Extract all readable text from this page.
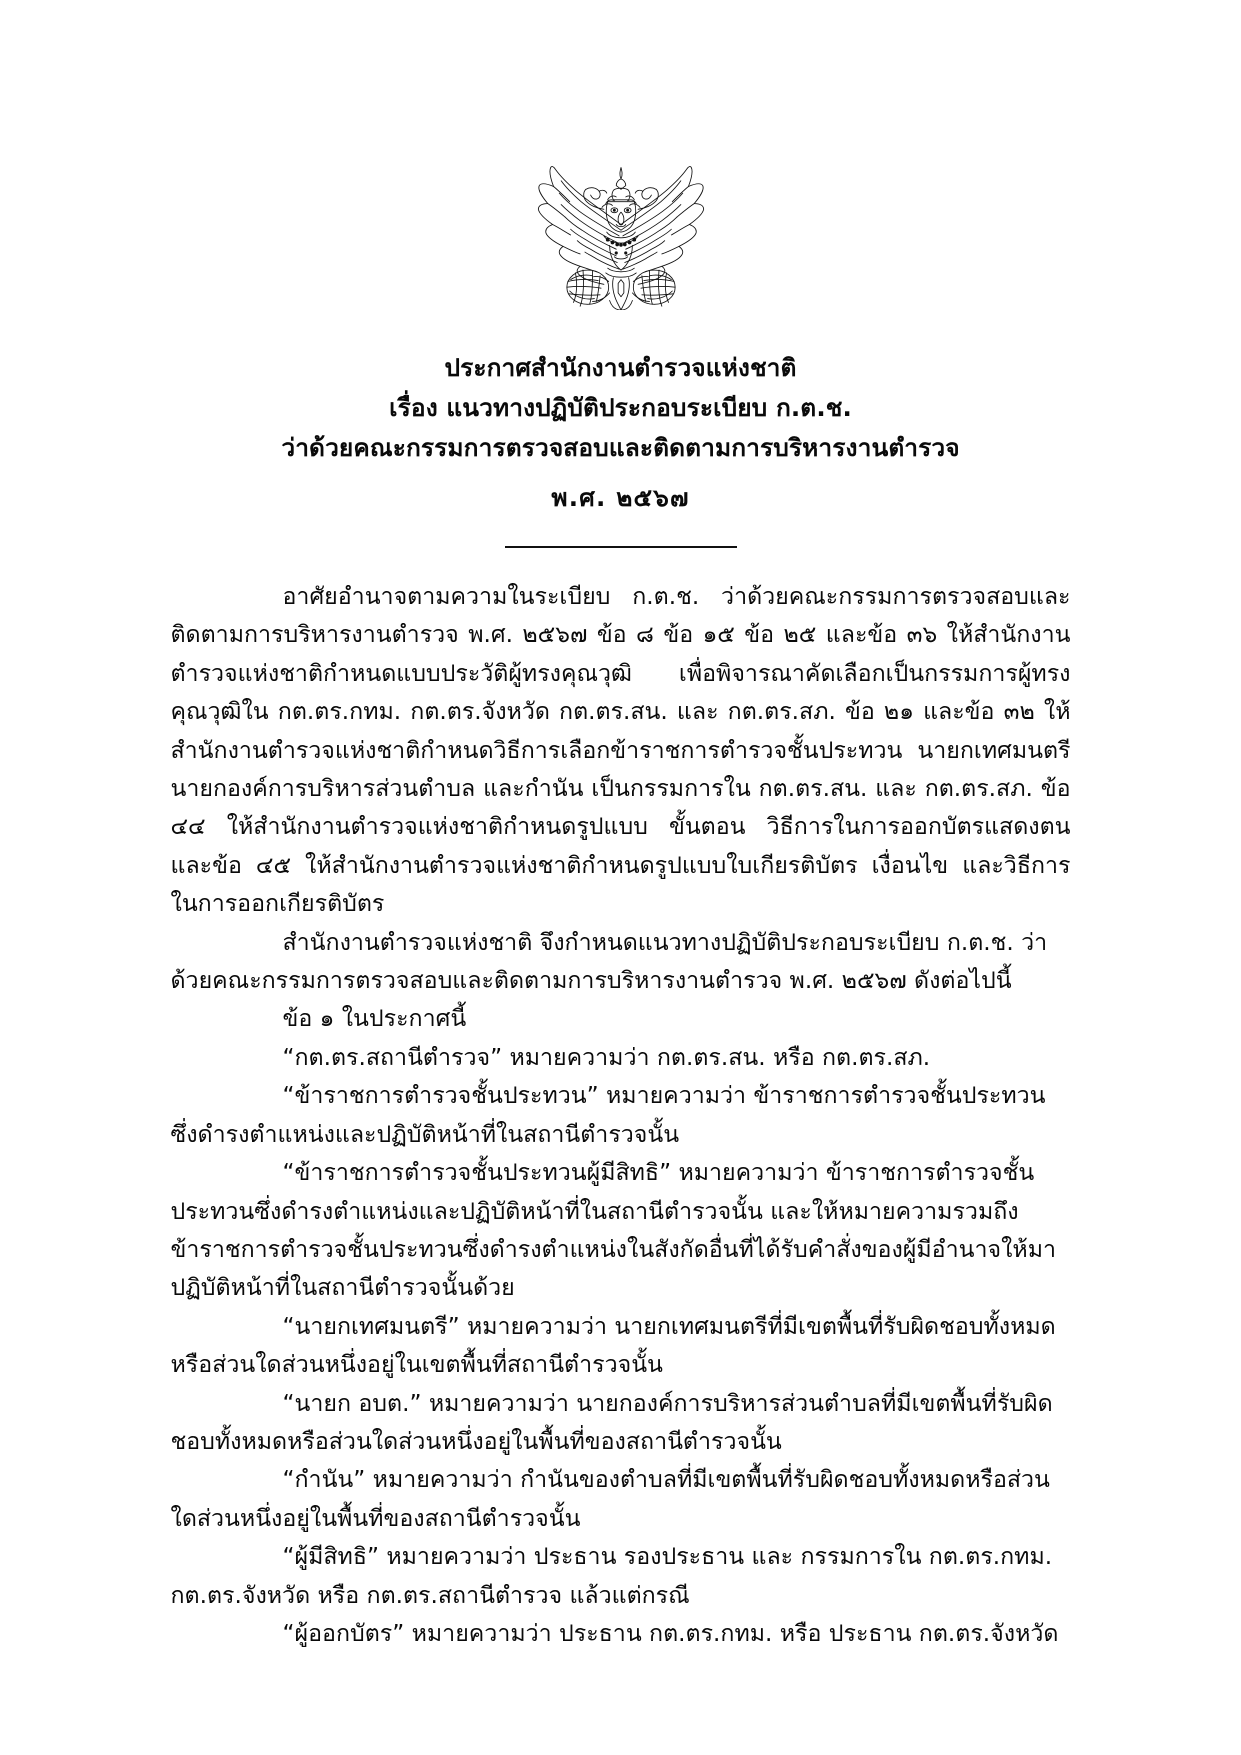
ประกาศสำนักงานตำรวจแห่งชาติ
เรื่อง แนวทางปฏิบัติประกอบระเบียบ ก.ต.ช.
ว่าด้วยคณะกรรมการตรวจสอบและติดตามการบริหารงานตำรวจ
พ.ศ. ๒๕๖๗

อาศัยอำนาจตามความในระเบียบ ก.ต.ช. ว่าด้วยคณะกรรมการตรวจสอบและติดตามการบริหารงานตำรวจ พ.ศ. ๒๕๖๗ ข้อ ๘ ข้อ ๑๕ ข้อ ๒๕ และข้อ ๓๖ ให้สำนักงานตำรวจแห่งชาติกำหนดแบบประวัติผู้ทรงคุณวุฒิ เพื่อพิจารณาคัดเลือกเป็นกรรมการผู้ทรงคุณวุฒิใน กต.ตร.กทม. กต.ตร.จังหวัด กต.ตร.สน. และ กต.ตร.สภ. ข้อ ๒๑ และข้อ ๓๒ ให้สำนักงานตำรวจแห่งชาติกำหนดวิธีการเลือกข้าราชการตำรวจชั้นประทวน นายกเทศมนตรี นายกองค์การบริหารส่วนตำบล และกำนัน เป็นกรรมการใน กต.ตร.สน. และ กต.ตร.สภ. ข้อ ๔๔ ให้สำนักงานตำรวจแห่งชาติกำหนดรูปแบบ ขั้นตอน วิธีการในการออกบัตรแสดงตน และข้อ ๔๕ ให้สำนักงานตำรวจแห่งชาติกำหนดรูปแบบใบเกียรติบัตร เงื่อนไข และวิธีการในการออกเกียรติบัตร

สำนักงานตำรวจแห่งชาติ จึงกำหนดแนวทางปฏิบัติประกอบระเบียบ ก.ต.ช. ว่าด้วยคณะกรรมการตรวจสอบและติดตามการบริหารงานตำรวจ พ.ศ. ๒๕๖๗ ดังต่อไปนี้

ข้อ ๑ ในประกาศนี้

“กต.ตร.สถานีตำรวจ” หมายความว่า กต.ตร.สน. หรือ กต.ตร.สภ.

“ข้าราชการตำรวจชั้นประทวน” หมายความว่า ข้าราชการตำรวจชั้นประทวนซึ่งดำรงตำแหน่งและปฏิบัติหน้าที่ในสถานีตำรวจนั้น

“ข้าราชการตำรวจชั้นประทวนผู้มีสิทธิ” หมายความว่า ข้าราชการตำรวจชั้นประทวนซึ่งดำรงตำแหน่งและปฏิบัติหน้าที่ในสถานีตำรวจนั้น และให้หมายความรวมถึงข้าราชการตำรวจชั้นประทวนซึ่งดำรงตำแหน่งในสังกัดอื่นที่ได้รับคำสั่งของผู้มีอำนาจให้มาปฏิบัติหน้าที่ในสถานีตำรวจนั้นด้วย

“นายกเทศมนตรี” หมายความว่า นายกเทศมนตรีที่มีเขตพื้นที่รับผิดชอบทั้งหมดหรือส่วนใดส่วนหนึ่งอยู่ในเขตพื้นที่สถานีตำรวจนั้น

“นายก อบต.” หมายความว่า นายกองค์การบริหารส่วนตำบลที่มีเขตพื้นที่รับผิดชอบทั้งหมดหรือส่วนใดส่วนหนึ่งอยู่ในพื้นที่ของสถานีตำรวจนั้น

“กำนัน” หมายความว่า กำนันของตำบลที่มีเขตพื้นที่รับผิดชอบทั้งหมดหรือส่วนใดส่วนหนึ่งอยู่ในพื้นที่ของสถานีตำรวจนั้น

“ผู้มีสิทธิ” หมายความว่า ประธาน รองประธาน และ กรรมการใน กต.ตร.กทม. กต.ตร.จังหวัด หรือ กต.ตร.สถานีตำรวจ แล้วแต่กรณี

“ผู้ออกบัตร” หมายความว่า ประธาน กต.ตร.กทม. หรือ ประธาน กต.ตร.จังหวัด
